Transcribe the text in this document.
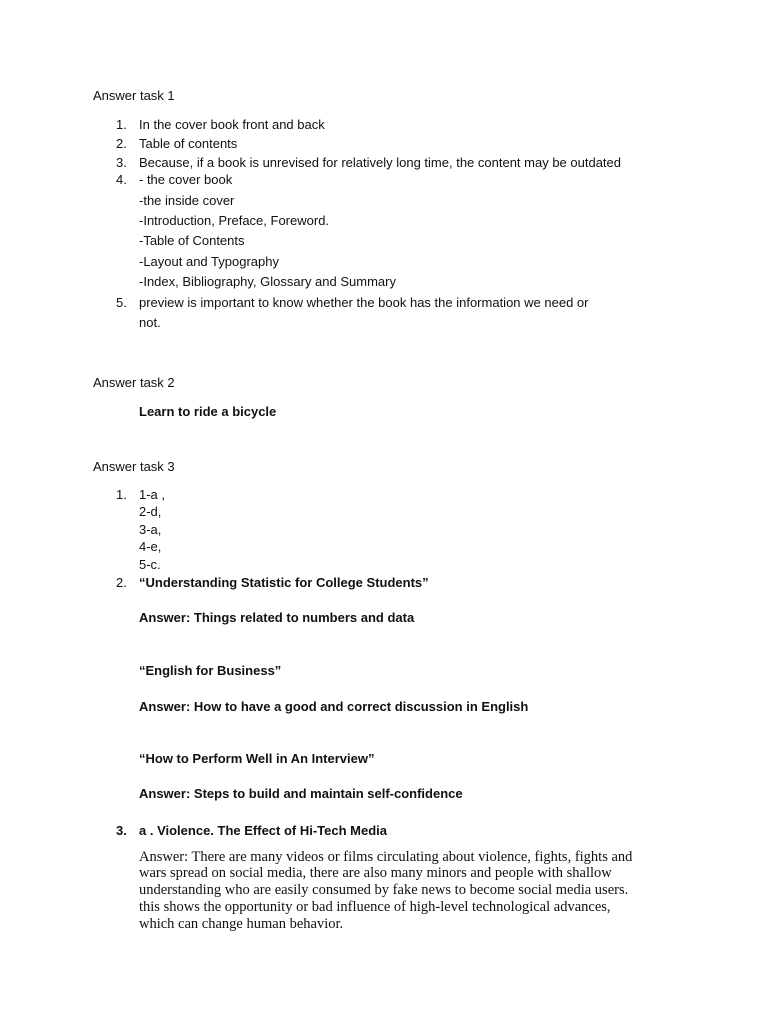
Answer task 1
1. In the cover book front and back
2. Table of contents
3. Because, if a book is unrevised for relatively long time, the content may be outdated
4. - the cover book
-the inside cover
-Introduction, Preface, Foreword.
-Table of Contents
-Layout and Typography
-Index, Bibliography, Glossary and Summary
5. preview is important to know whether the book has the information we need or
not.
Answer task 2
Learn to ride a bicycle
Answer task 3
1. 1-a ,
2-d,
3-a,
4-e,
5-c.
2. “Understanding Statistic for College Students”
Answer: Things related to numbers and data
“English for Business”
Answer: How to have a good and correct discussion in English
“How to Perform Well in An Interview”
Answer: Steps to build and maintain self-confidence
3. a . Violence. The Effect of Hi-Tech Media
Answer: There are many videos or films circulating about violence, fights, fights and
wars spread on social media, there are also many minors and people with shallow
understanding who are easily consumed by fake news to become social media users.
this shows the opportunity or bad influence of high-level technological advances,
which can change human behavior.
